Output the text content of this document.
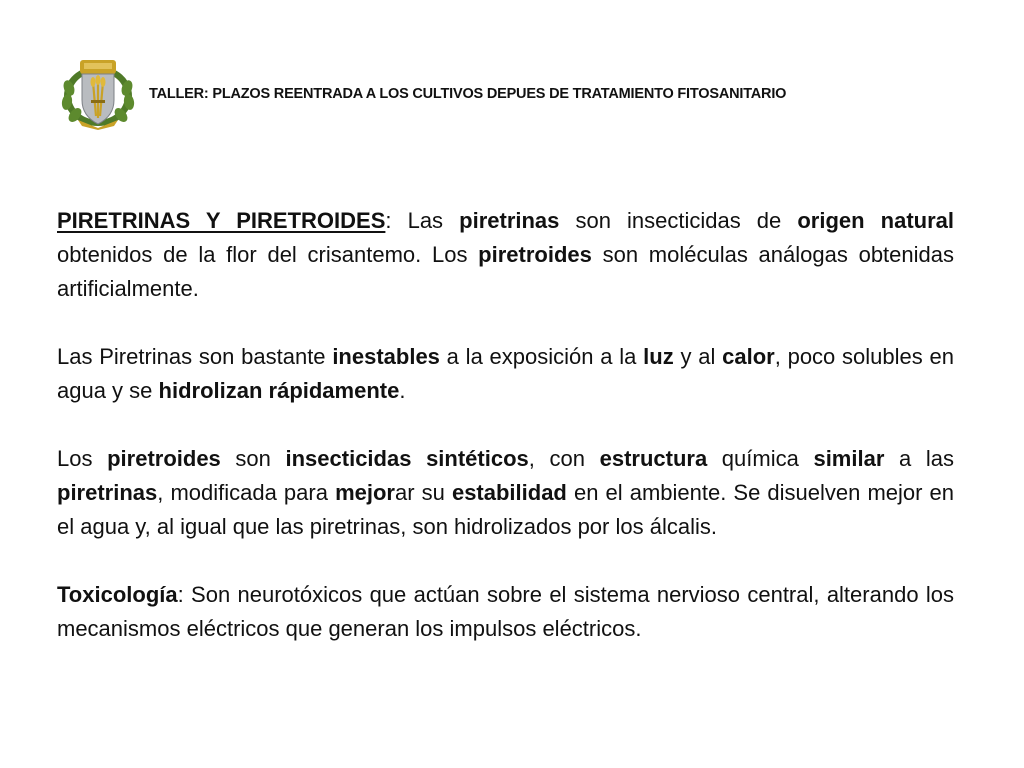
TALLER: PLAZOS REENTRADA A LOS CULTIVOS DEPUES DE TRATAMIENTO FITOSANITARIO

PIRETRINAS Y PIRETROIDES: Las piretrinas son insecticidas de origen natural obtenidos de la flor del crisantemo. Los piretroides son moléculas análogas obtenidas artificialmente.

Las Piretrinas son bastante inestables a la exposición a la luz y al calor, poco solubles en agua y se hidrolizan rápidamente.

Los piretroides son insecticidas sintéticos, con estructura química similar a las piretrinas, modificada para mejorar su estabilidad en el ambiente. Se disuelven mejor en el agua y, al igual que las piretrinas, son hidrolizados por los álcalis.

Toxicología: Son neurotóxicos que actúan sobre el sistema nervioso central, alterando los mecanismos eléctricos que generan los impulsos eléctricos.
